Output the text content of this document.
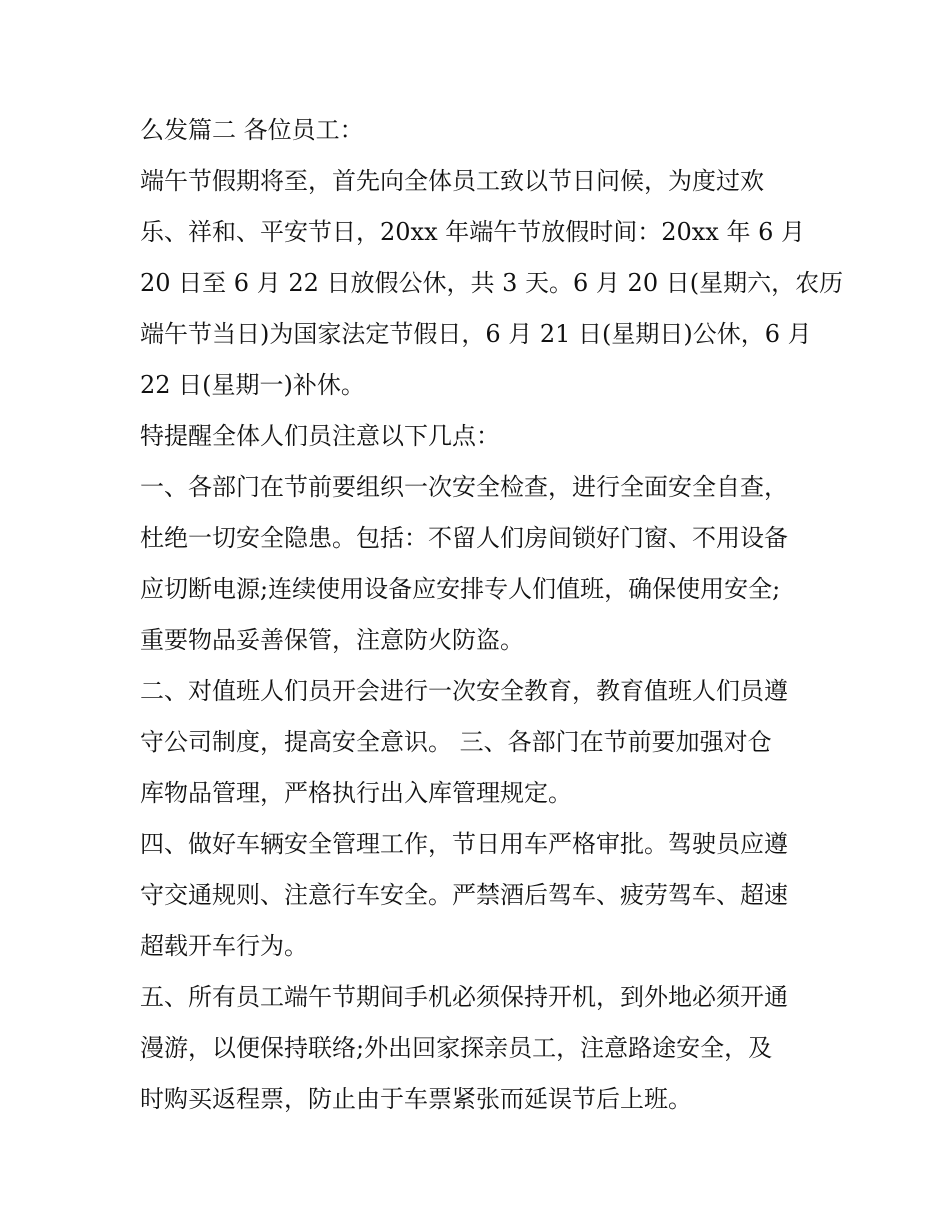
么发篇二 各位员工：
端午节假期将至，首先向全体员工致以节日问候，为度过欢
乐、祥和、平安节日，20xx 年端午节放假时间：20xx 年 6 月
20 日至 6 月 22 日放假公休，共 3 天。6 月 20 日(星期六，农历
端午节当日)为国家法定节假日，6 月 21 日(星期日)公休，6 月
22 日(星期一)补休。
特提醒全体人们员注意以下几点：
一、各部门在节前要组织一次安全检查，进行全面安全自查，
杜绝一切安全隐患。包括：不留人们房间锁好门窗、不用设备
应切断电源;连续使用设备应安排专人们值班，确保使用安全;
重要物品妥善保管，注意防火防盗。
二、对值班人们员开会进行一次安全教育，教育值班人们员遵
守公司制度，提高安全意识。 三、各部门在节前要加强对仓
库物品管理，严格执行出入库管理规定。
四、做好车辆安全管理工作，节日用车严格审批。驾驶员应遵
守交通规则、注意行车安全。严禁酒后驾车、疲劳驾车、超速
超载开车行为。
五、所有员工端午节期间手机必须保持开机，到外地必须开通
漫游，以便保持联络;外出回家探亲员工，注意路途安全，及
时购买返程票，防止由于车票紧张而延误节后上班。
